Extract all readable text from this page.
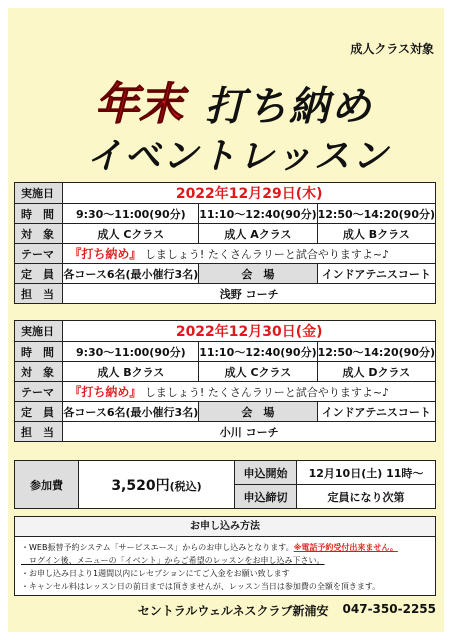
成人クラス対象
年末 打ち納め
イベントレッスン
実施日	2022年12月29日(木)		
時　間	9:30～11:00(90分)	11:10～12:40(90分)	12:50～14:20(90分)
対　象	成人 Cクラス	成人 Aクラス	成人 Bクラス
テーマ	『打ち納め』 しましょう! たくさんラリーと試合やりますよ~♪		
定　員	各コース6名(最小催行3名)	会　場	インドアテニスコート
担　当	浅野 コーチ		
実施日	2022年12月30日(金)		
時　間	9:30～11:00(90分)	11:10～12:40(90分)	12:50～14:20(90分)
対　象	成人 Bクラス	成人 Cクラス	成人 Dクラス
テーマ	『打ち納め』 しましょう! たくさんラリーと試合やりますよ~♪		
定　員	各コース6名(最小催行3名)	会　場	インドアテニスコート
担　当	小川 コーチ		
参加費	3,520円(税込)	申込開始	12月10日(土) 11時～
		申込締切	定員になり次第
お申し込み方法
・WEB振替予約システム「サービスエース」からのお申し込みとなります。※電話予約受付出来ません。
　ログイン後、メニューの「イベント」からご希望のレッスンをお申し込み下さい。
・お申し込み日より1週間以内にレセプションにてご入金をお願い致します
・キャンセル料はレッスン日の前日までは頂きませんが、レッスン当日は参加費の全額を頂きます。
セントラルウェルネスクラブ新浦安 047-350-2255
